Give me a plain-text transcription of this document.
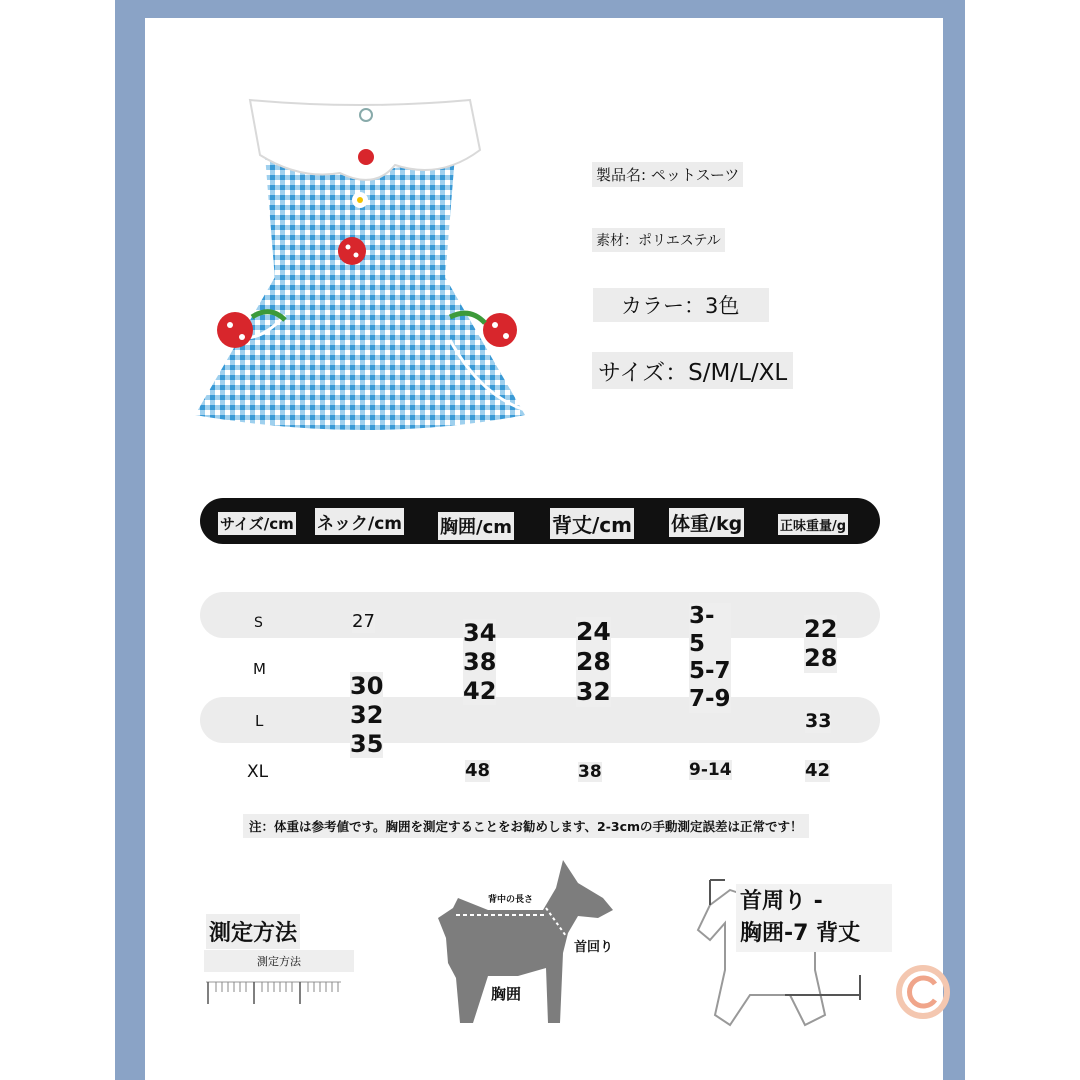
製品名: ペットスーツ
素材：ポリエステル
カラー：3色
サイズ：S/M/L/XL
サイズ/cm ネック/cm 胸囲/cm 背丈/cm 体重/kg	正味重量/g
S
M
L
XL
27
30
32
35
34
38
42
48
24
28
32
38
3-
5
5-7
7-9
9-14
22
28
33
42
注：体重は参考値です。胸囲を測定することをお勧めします、2-3cmの手動測定誤差は正常です！
測定方法
測定方法
背中の長さ
首回り
胸囲
首周り -
胸囲-7 背丈
